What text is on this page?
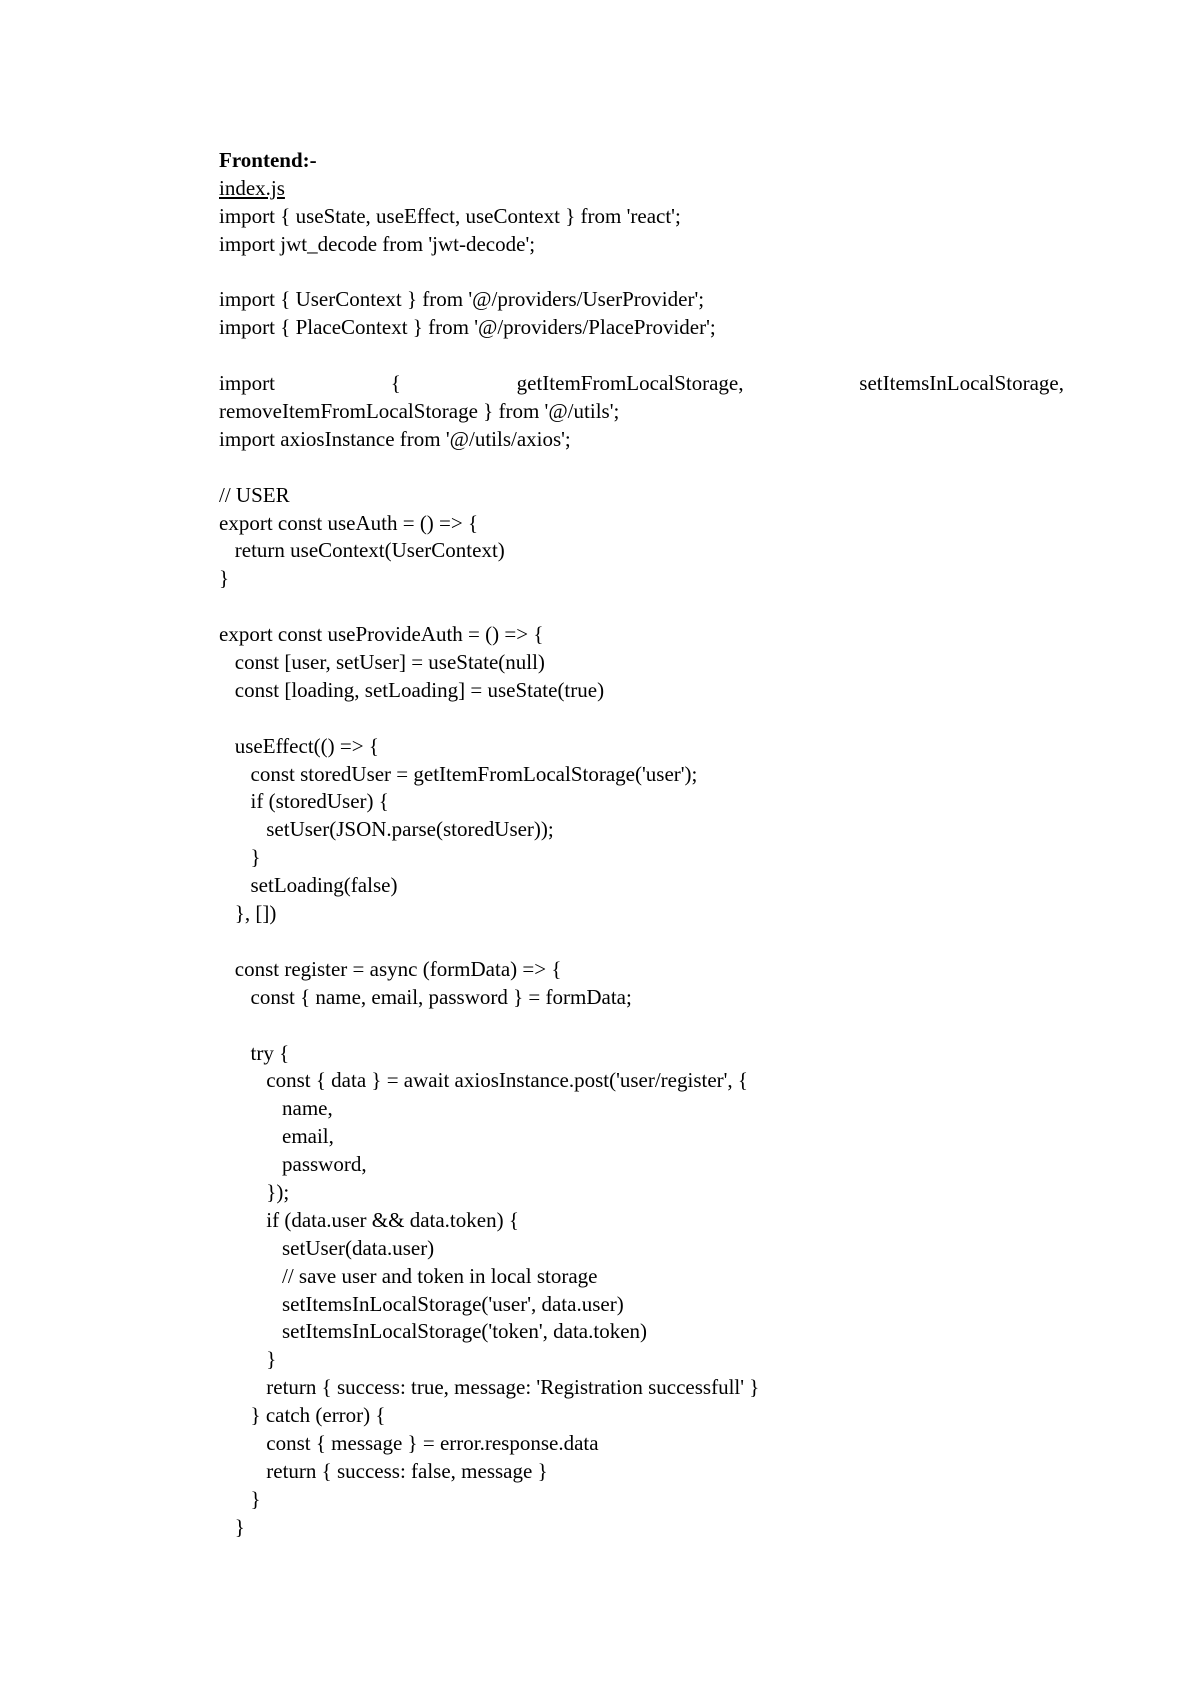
Frontend:-
index.js
import { useState, useEffect, useContext } from 'react';
import jwt_decode from 'jwt-decode';
import { UserContext } from '@/providers/UserProvider';
import { PlaceContext } from '@/providers/PlaceProvider';
import	{	getItemFromLocalStorage,	setItemsInLocalStorage,
removeItemFromLocalStorage } from '@/utils';
import axiosInstance from '@/utils/axios';
// USER
export const useAuth = () => {
return useContext(UserContext)
}
export const useProvideAuth = () => {
const [user, setUser] = useState(null)
const [loading, setLoading] = useState(true)
useEffect(() => {
const storedUser = getItemFromLocalStorage('user');
if (storedUser) {
setUser(JSON.parse(storedUser));
}
setLoading(false)
}, [])
const register = async (formData) => {
const { name, email, password } = formData;
try {
const { data } = await axiosInstance.post('user/register', {
name,
email,
password,
});
if (data.user && data.token) {
setUser(data.user)
// save user and token in local storage
setItemsInLocalStorage('user', data.user)
setItemsInLocalStorage('token', data.token)
}
return { success: true, message: 'Registration successfull' }
} catch (error) {
const { message } = error.response.data
return { success: false, message }
}
}
